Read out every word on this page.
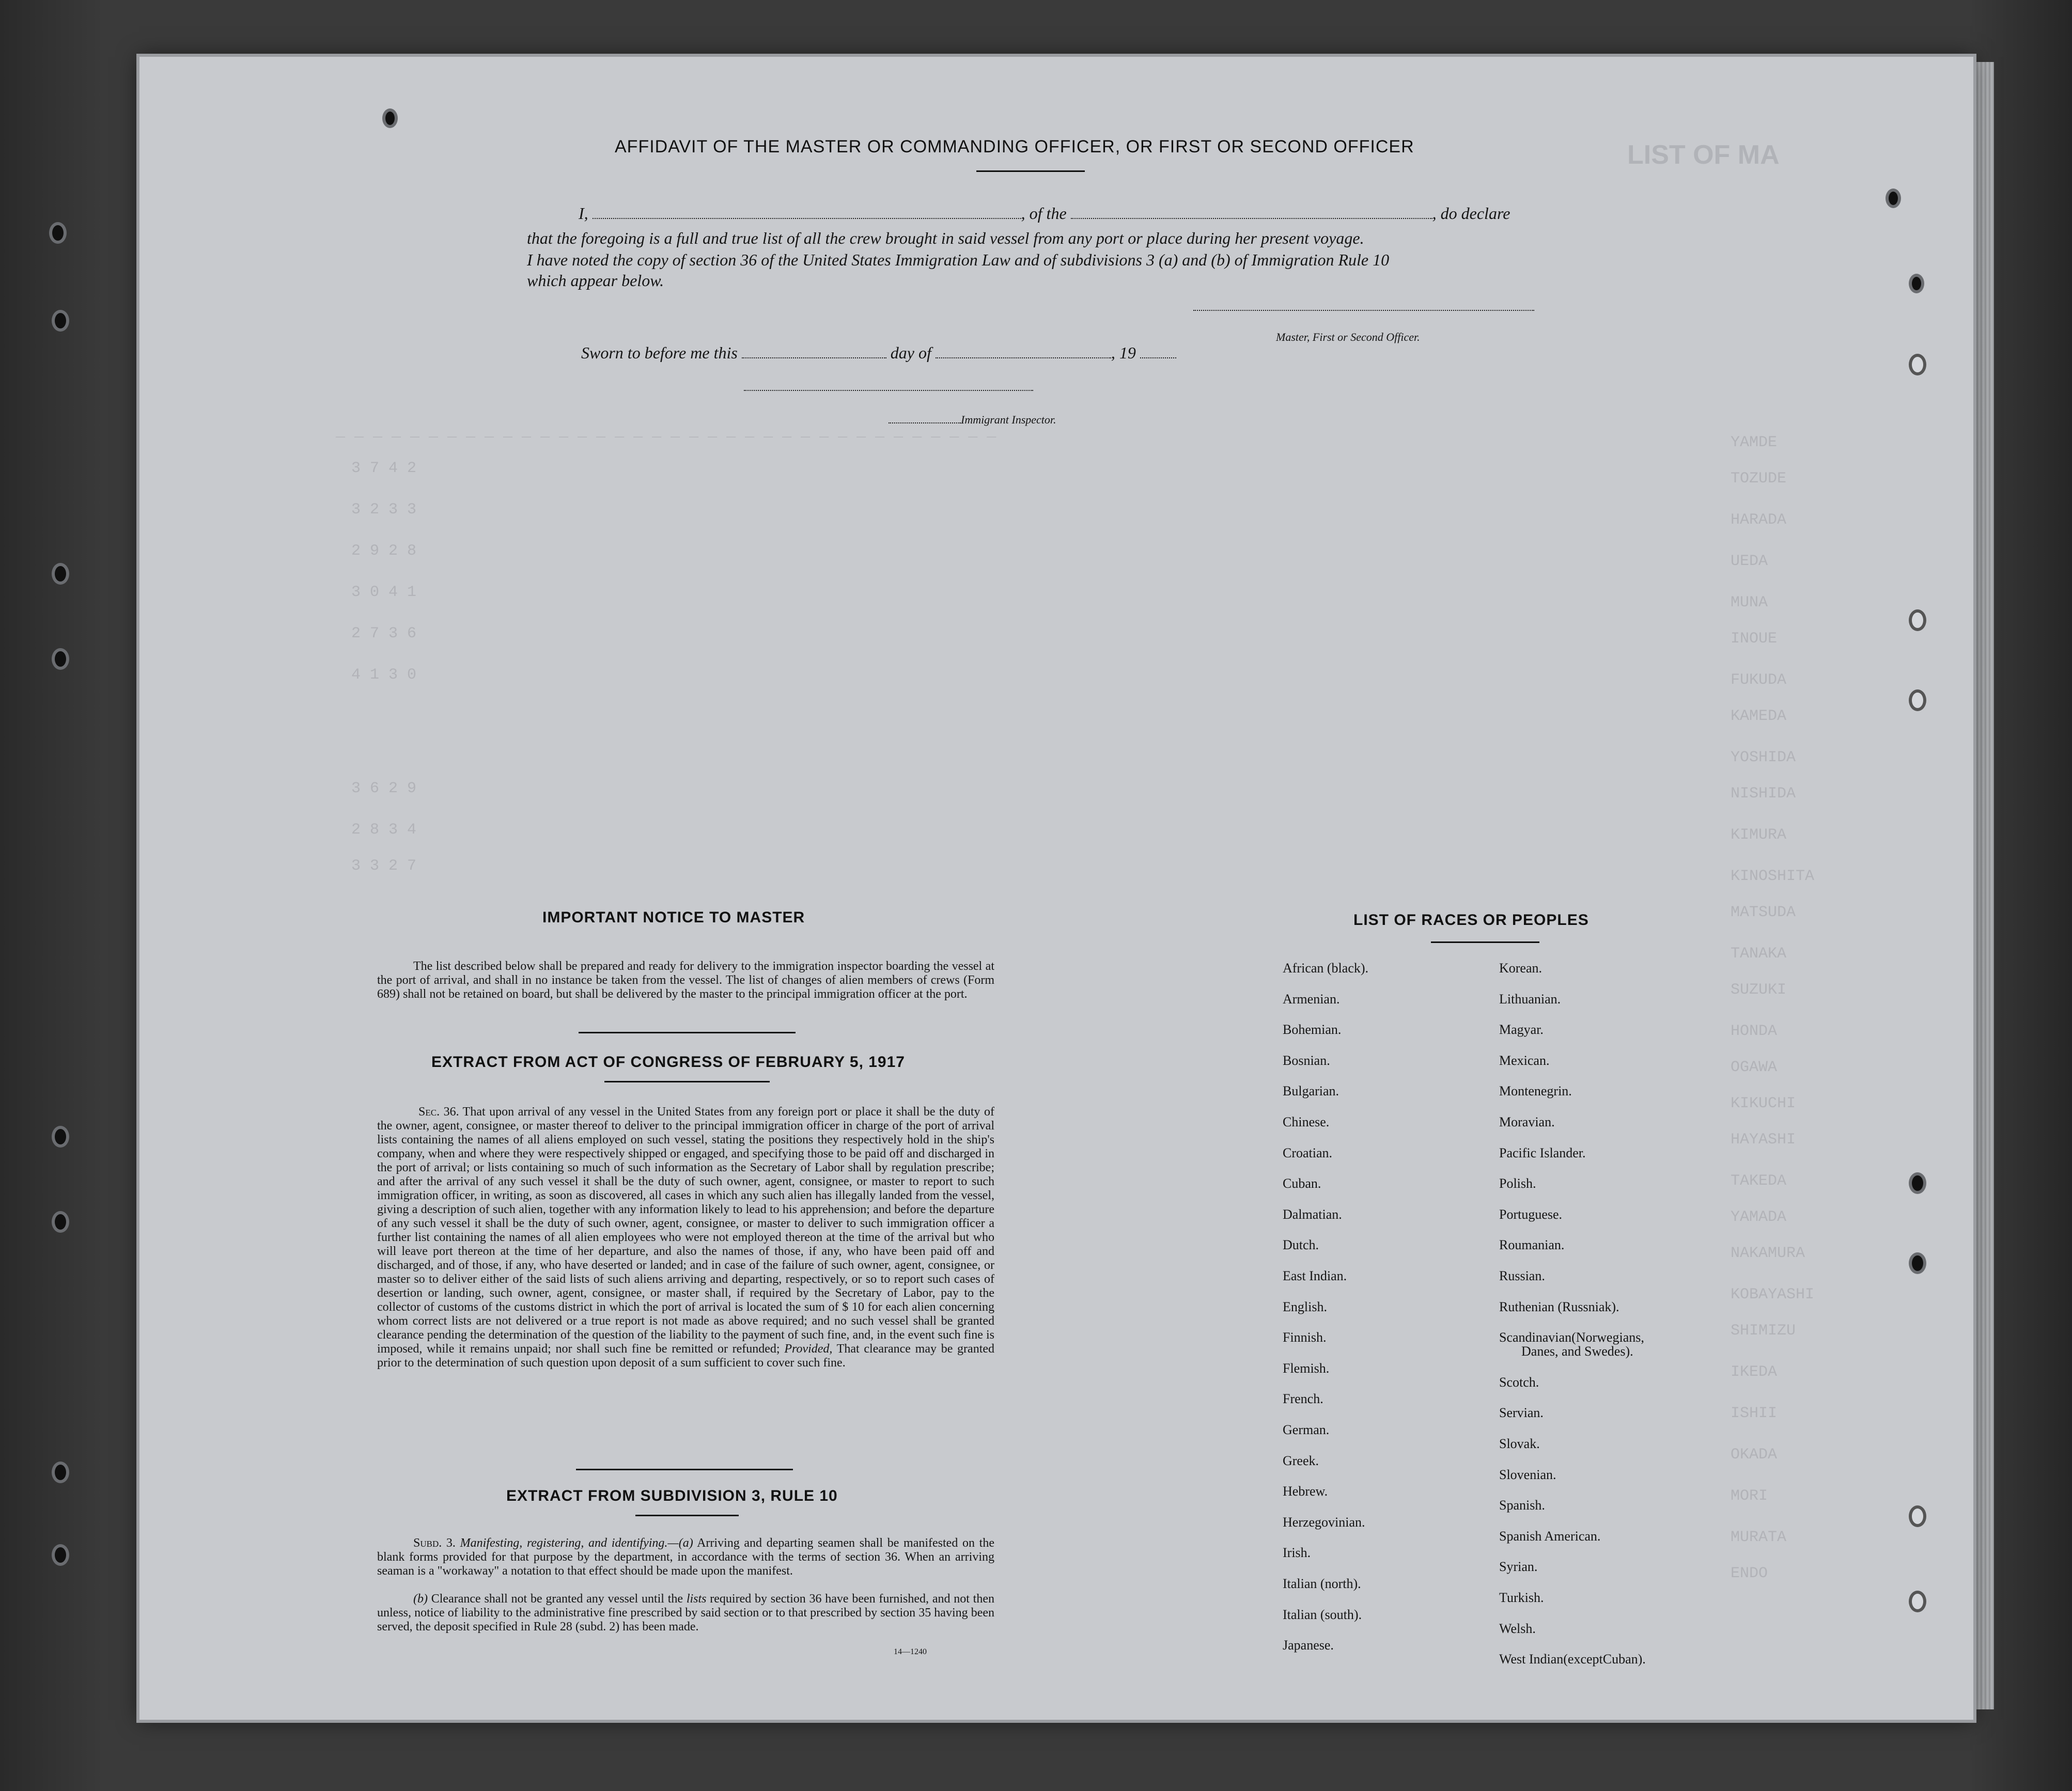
LIST OF MA
_ _ _ _ _ _ _ _ _ _ _ _ _ _ _ _ _ _ _ _ _ _ _ _ _ _ _ _ _ _ _ _ _ _ _ _
YAMDE
TOZUDE
HARADA
UEDA
MUNA
INOUE
FUKUDA
KAMEDA
YOSHIDA
NISHIDA
KIMURA
KINOSHITA
MATSUDA
TANAKA
SUZUKI
HONDA
OGAWA
KIKUCHI
HAYASHI
TAKEDA
YAMADA
NAKAMURA
KOBAYASHI
SHIMIZU
IKEDA
ISHII
OKADA
MORI
MURATA
ENDO
3 7 4 2
3 2 3 3
2 9 2 8
3 0 4 1
2 7 3 6
4 1 3 0
3 6 2 9
2 8 3 4
3 3 2 7
AFFIDAVIT OF THE MASTER OR COMMANDING OFFICER, OR FIRST OR SECOND OFFICER
I,	, of the	, do declare
that the foregoing is a full and true list of all the crew brought in said vessel from any port or place during her present voyage.
I have noted the copy of section 36 of the United States Immigration Law and of subdivisions 3 (a) and (b) of Immigration Rule 10
which appear below.
Master, First or Second Officer.
Sworn to before me this	day of	, 19
Immigrant Inspector.
IMPORTANT NOTICE TO MASTER
The list described below shall be prepared and ready for delivery to the immigration inspector boarding the vessel at the port of arrival, and shall in no instance be taken from the vessel. The list of changes of alien members of crews (Form 689) shall not be retained on board, but shall be delivered by the master to the principal immigration officer at the port.
EXTRACT FROM ACT OF CONGRESS OF FEBRUARY 5, 1917
Sec. 36. That upon arrival of any vessel in the United States from any foreign port or place it shall be the duty of the owner, agent, consignee, or master thereof to deliver to the principal immigration officer in charge of the port of arrival lists containing the names of all aliens employed on such vessel, stating the positions they respectively hold in the ship's company, when and where they were respectively shipped or engaged, and specifying those to be paid off and discharged in the port of arrival; or lists containing so much of such information as the Secretary of Labor shall by regulation prescribe; and after the arrival of any such vessel it shall be the duty of such owner, agent, consignee, or master to report to such immigration officer, in writing, as soon as discovered, all cases in which any such alien has illegally landed from the vessel, giving a description of such alien, together with any information likely to lead to his apprehension; and before the departure of any such vessel it shall be the duty of such owner, agent, consignee, or master to deliver to such immigration officer a further list containing the names of all alien employees who were not employed thereon at the time of the arrival but who will leave port thereon at the time of her departure, and also the names of those, if any, who have been paid off and discharged, and of those, if any, who have deserted or landed; and in case of the failure of such owner, agent, consignee, or master so to deliver either of the said lists of such aliens arriving and departing, respectively, or so to report such cases of desertion or landing, such owner, agent, consignee, or master shall, if required by the Secretary of Labor, pay to the collector of customs of the customs district in which the port of arrival is located the sum of $ 10 for each alien concerning whom correct lists are not delivered or a true report is not made as above required; and no such vessel shall be granted clearance pending the determination of the question of the liability to the payment of such fine, and, in the event such fine is imposed, while it remains unpaid; nor shall such fine be remitted or refunded; Provided, That clearance may be granted prior to the determination of such question upon deposit of a sum sufficient to cover such fine.
EXTRACT FROM SUBDIVISION 3, RULE 10
Subd. 3. Manifesting, registering, and identifying.—(a) Arriving and departing seamen shall be manifested on the blank forms provided for that purpose by the department, in accordance with the terms of section 36. When an arriving seaman is a "workaway" a notation to that effect should be made upon the manifest.
(b) Clearance shall not be granted any vessel until the lists required by section 36 have been furnished, and not then unless, notice of liability to the administrative fine prescribed by said section or to that prescribed by section 35 having been served, the deposit specified in Rule 28 (subd. 2) has been made.
14—1240
LIST OF RACES OR PEOPLES
African (black).
Armenian.
Bohemian.
Bosnian.
Bulgarian.
Chinese.
Croatian.
Cuban.
Dalmatian.
Dutch.
East Indian.
English.
Finnish.
Flemish.
French.
German.
Greek.
Hebrew.
Herzegovinian.
Irish.
Italian (north).
Italian (south).
Japanese.
Korean.
Lithuanian.
Magyar.
Mexican.
Montenegrin.
Moravian.
Pacific Islander.
Polish.
Portuguese.
Roumanian.
Russian.
Ruthenian (Russniak).
Scandinavian(Norwegians,
Danes, and Swedes).
Scotch.
Servian.
Slovak.
Slovenian.
Spanish.
Spanish American.
Syrian.
Turkish.
Welsh.
West Indian(exceptCuban).
